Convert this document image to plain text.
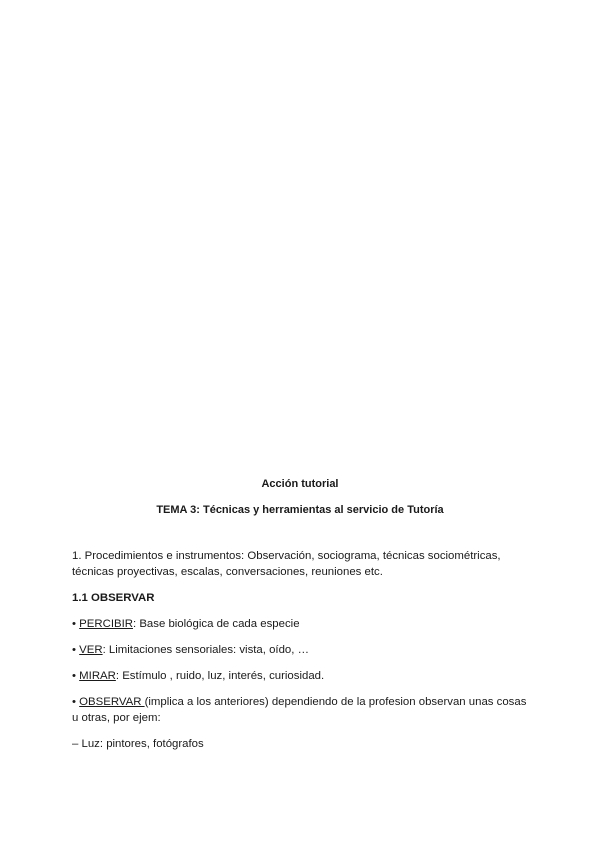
Acción tutorial

TEMA 3: Técnicas y herramientas al servicio de Tutoría

1. Procedimientos e instrumentos: Observación, sociograma, técnicas sociométricas, técnicas proyectivas, escalas, conversaciones, reuniones etc.

1.1 OBSERVAR

• PERCIBIR: Base biológica de cada especie

• VER: Limitaciones sensoriales: vista, oído, …

• MIRAR: Estímulo , ruido, luz, interés, curiosidad.

• OBSERVAR (implica a los anteriores) dependiendo de la profesion observan unas cosas u otras, por ejem:

– Luz: pintores, fotógrafos
